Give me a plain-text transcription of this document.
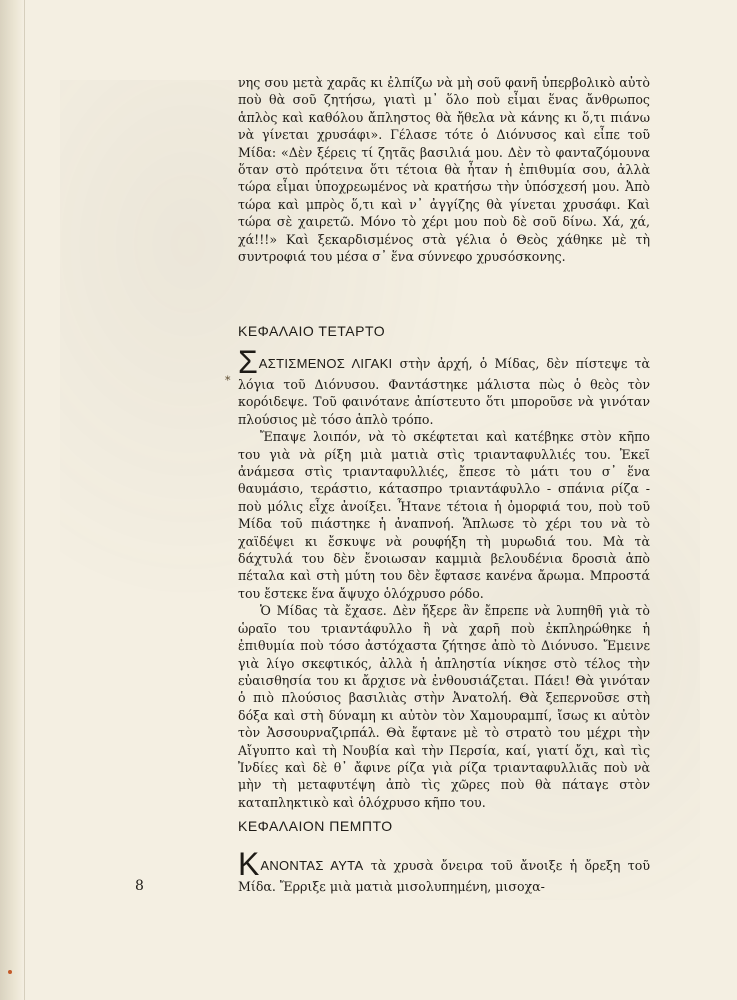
νης σου μετὰ χαρᾶς κι ἐλπίζω νὰ μὴ σοῦ φανῆ ὑπερβολικὸ αὐτὸ ποὺ θὰ σοῦ ζητήσω, γιατὶ μ᾽ ὅλο ποὺ εἶμαι ἕνας ἄνθρωπος ἁπλὸς καὶ καθόλου ἄπληστος θὰ ἤθελα νὰ κάνης κι ὅ,τι πιάνω νὰ γίνεται χρυσάφι». Γέλασε τότε ὁ Διόνυσος καὶ εἶπε τοῦ Μίδα: «Δὲν ξέρεις τί ζητᾶς βασιλιά μου. Δὲν τὸ φανταζόμουνα ὅταν στὸ πρότεινα ὅτι τέτοια θὰ ἦταν ἡ ἐπιθυμία σου, ἀλλὰ τώρα εἶμαι ὑποχρεωμένος νὰ κρατήσω τὴν ὑπόσχεσή μου. Ἀπὸ τώρα καὶ μπρὸς ὅ,τι καὶ ν᾽ ἀγγίζης θὰ γίνεται χρυσάφι. Καὶ τώρα σὲ χαιρετῶ. Μόνο τὸ χέρι μου ποὺ δὲ σοῦ δίνω. Χά, χά, χά!!!» Καὶ ξεκαρδισμένος στὰ γέλια ὁ Θεὸς χάθηκε μὲ τὴ συντροφιά του μέσα σ᾽ ἕνα σύννεφο χρυσόσκονης.

ΚΕΦΑΛΑΙΟ ΤΕΤΑΡΤΟ
*

ΣΑΣΤΙΣΜΕΝΟΣ ΛΙΓΑΚΙ στὴν ἀρχή, ὁ Μίδας, δὲν πίστεψε τὰ λόγια τοῦ Διόνυσου. Φαντάστηκε μάλιστα πὼς ὁ θεὸς τὸν κορόιδεψε. Τοῦ φαινότανε ἀπίστευτο ὅτι μποροῦσε νὰ γινόταν πλούσιος μὲ τόσο ἁπλὸ τρόπο.

Ἔπαψε λοιπόν, νὰ τὸ σκέφτεται καὶ κατέβηκε στὸν κῆπο του γιὰ νὰ ρίξη μιὰ ματιὰ στὶς τριανταφυλλιές του. Ἐκεῖ ἀνάμεσα στὶς τριανταφυλλιές, ἔπεσε τὸ μάτι του σ᾽ ἕνα θαυμάσιο, τεράστιο, κάτασπρο τριαντάφυλλο - σπάνια ρίζα - ποὺ μόλις εἶχε ἀνοίξει. Ἦτανε τέτοια ἡ ὀμορφιά του, ποὺ τοῦ Μίδα τοῦ πιάστηκε ἡ ἀναπνοή. Ἅπλωσε τὸ χέρι του νὰ τὸ χαϊδέψει κι ἔσκυψε νὰ ρουφήξη τὴ μυρωδιά του. Μὰ τὰ δάχτυλά του δὲν ἔνοιωσαν καμμιὰ βελουδένια δροσιὰ ἀπὸ πέταλα καὶ στὴ μύτη του δὲν ἔφτασε κανένα ἄρωμα. Μπροστά του ἔστεκε ἕνα ἄψυχο ὁλόχρυσο ρόδο.

Ὁ Μίδας τὰ ἔχασε. Δὲν ἤξερε ἂν ἔπρεπε νὰ λυπηθῆ γιὰ τὸ ὡραῖο του τριαντάφυλλο ἢ νὰ χαρῆ ποὺ ἐκπληρώθηκε ἡ ἐπιθυμία ποὺ τόσο ἀστόχαστα ζήτησε ἀπὸ τὸ Διόνυσο. Ἔμεινε γιὰ λίγο σκεφτικός, ἀλλὰ ἡ ἀπληστία νίκησε στὸ τέλος τὴν εὐαισθησία του κι ἄρχισε νὰ ἐνθουσιάζεται. Πάει! Θὰ γινόταν ὁ πιὸ πλούσιος βασιλιὰς στὴν Ἀνατολή. Θὰ ξεπερνοῦσε στὴ δόξα καὶ στὴ δύναμη κι αὐτὸν τὸν Χαμουραμπί, ἴσως κι αὐτὸν τὸν Ἀσσουρναζιρπάλ. Θὰ ἔφτανε μὲ τὸ στρατὸ του μέχρι τὴν Αἴγυπτο καὶ τὴ Νουβία καὶ τὴν Περσία, καί, γιατί ὄχι, καὶ τὶς Ἰνδίες καὶ δὲ θ᾽ ἄφινε ρίζα γιὰ ρίζα τριανταφυλλιᾶς ποὺ νὰ μὴν τὴ μεταφυτέψη ἀπὸ τὶς χῶρες ποὺ θὰ πάταγε στὸν καταπληκτικὸ καὶ ὁλόχρυσο κῆπο του.

ΚΕΦΑΛΑΙΟΝ ΠΕΜΠΤΟ

ΚΑΝΟΝΤΑΣ ΑΥΤΑ τὰ χρυσὰ ὄνειρα τοῦ ἄνοιξε ἡ ὄρεξη τοῦ Μίδα. Ἔρριξε μιὰ ματιὰ μισολυπημένη, μισοχα-

8
